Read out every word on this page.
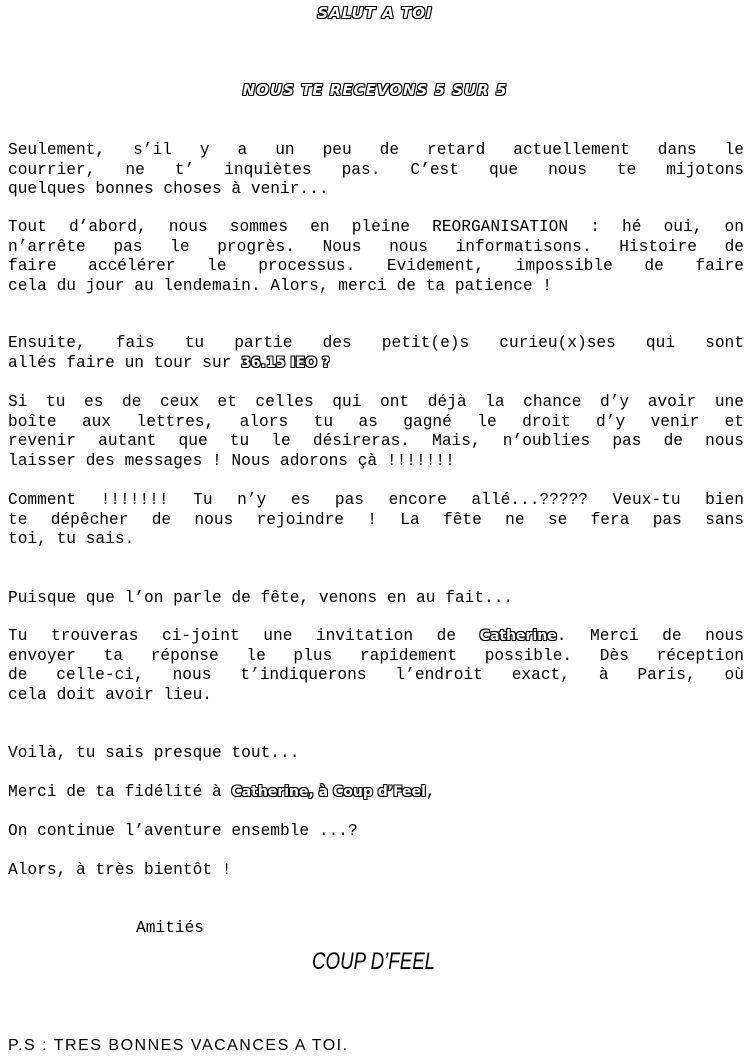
SALUT A TOI
NOUS TE RECEVONS 5 SUR 5
Seulement, s’il y a un peu de retard actuellement dans le
courrier, ne t’ inquiètes pas. C’est que nous te mijotons
quelques bonnes choses à venir...
Tout d’abord, nous sommes en pleine REORGANISATION : hé oui, on
n’arrête pas le progrès. Nous nous informatisons. Histoire de
faire accélérer le processus. Evidement, impossible de faire
cela du jour au lendemain. Alors, merci de ta patience !
Ensuite, fais tu partie des petit(e)s curieu(x)ses qui sont
allés faire un tour sur 36.15 IEO ?
Si tu es de ceux et celles qui ont déjà la chance d’y avoir une
boîte aux lettres, alors tu as gagné le droit d’y venir et
revenir autant que tu le désireras. Mais, n’oublies pas de nous
laisser des messages ! Nous adorons çà !!!!!!!
Comment !!!!!!! Tu n’y es pas encore allé...????? Veux-tu bien
te dépêcher de nous rejoindre ! La fête ne se fera pas sans
toi, tu sais.
Puisque que l’on parle de fête, venons en au fait...
Tu trouveras ci-joint une invitation de Catherine. Merci de nous
envoyer ta réponse le plus rapidement possible. Dès réception
de celle-ci, nous t’indiquerons l’endroit exact, à Paris, où
cela doit avoir lieu.
Voilà, tu sais presque tout...
Merci de ta fidélité à Catherine, à Coup d’Feel,
On continue l’aventure ensemble ...?
Alors, à très bientôt !
Amitiés
COUP D’FEEL
P.S : TRES BONNES VACANCES A TOI.
